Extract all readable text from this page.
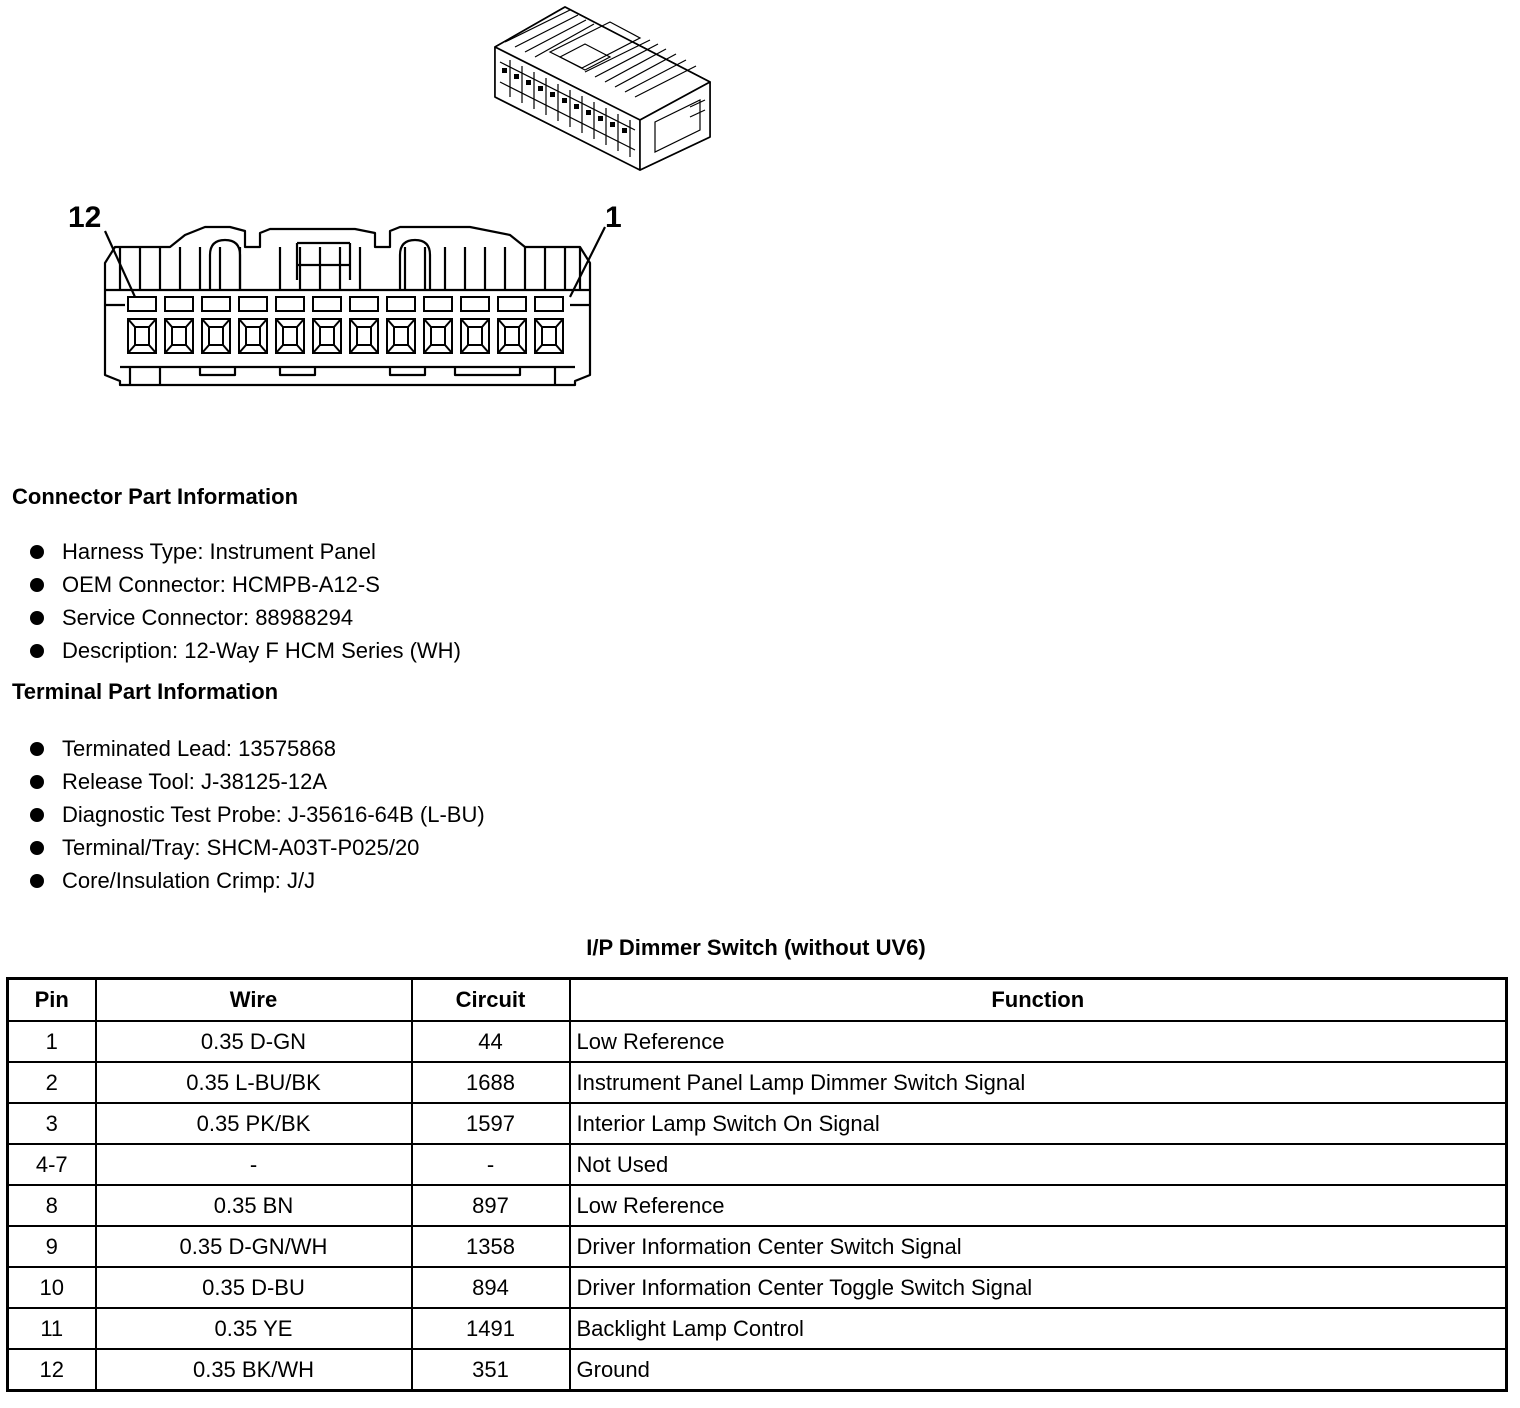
12	1
Connector Part Information
Harness Type: Instrument Panel
OEM Connector: HCMPB-A12-S
Service Connector: 88988294
Description: 12-Way F HCM Series (WH)
Terminal Part Information
Terminated Lead: 13575868
Release Tool: J-38125-12A
Diagnostic Test Probe: J-35616-64B (L-BU)
Terminal/Tray: SHCM-A03T-P025/20
Core/Insulation Crimp: J/J
I/P Dimmer Switch (without UV6)
Pin	Wire	Circuit	Function
1	0.35 D-GN	44	Low Reference
2	0.35 L-BU/BK	1688	Instrument Panel Lamp Dimmer Switch Signal
3	0.35 PK/BK	1597	Interior Lamp Switch On Signal
4-7	-	-	Not Used
8	0.35 BN	897	Low Reference
9	0.35 D-GN/WH	1358	Driver Information Center Switch Signal
10	0.35 D-BU	894	Driver Information Center Toggle Switch Signal
11	0.35 YE	1491	Backlight Lamp Control
12	0.35 BK/WH	351	Ground
